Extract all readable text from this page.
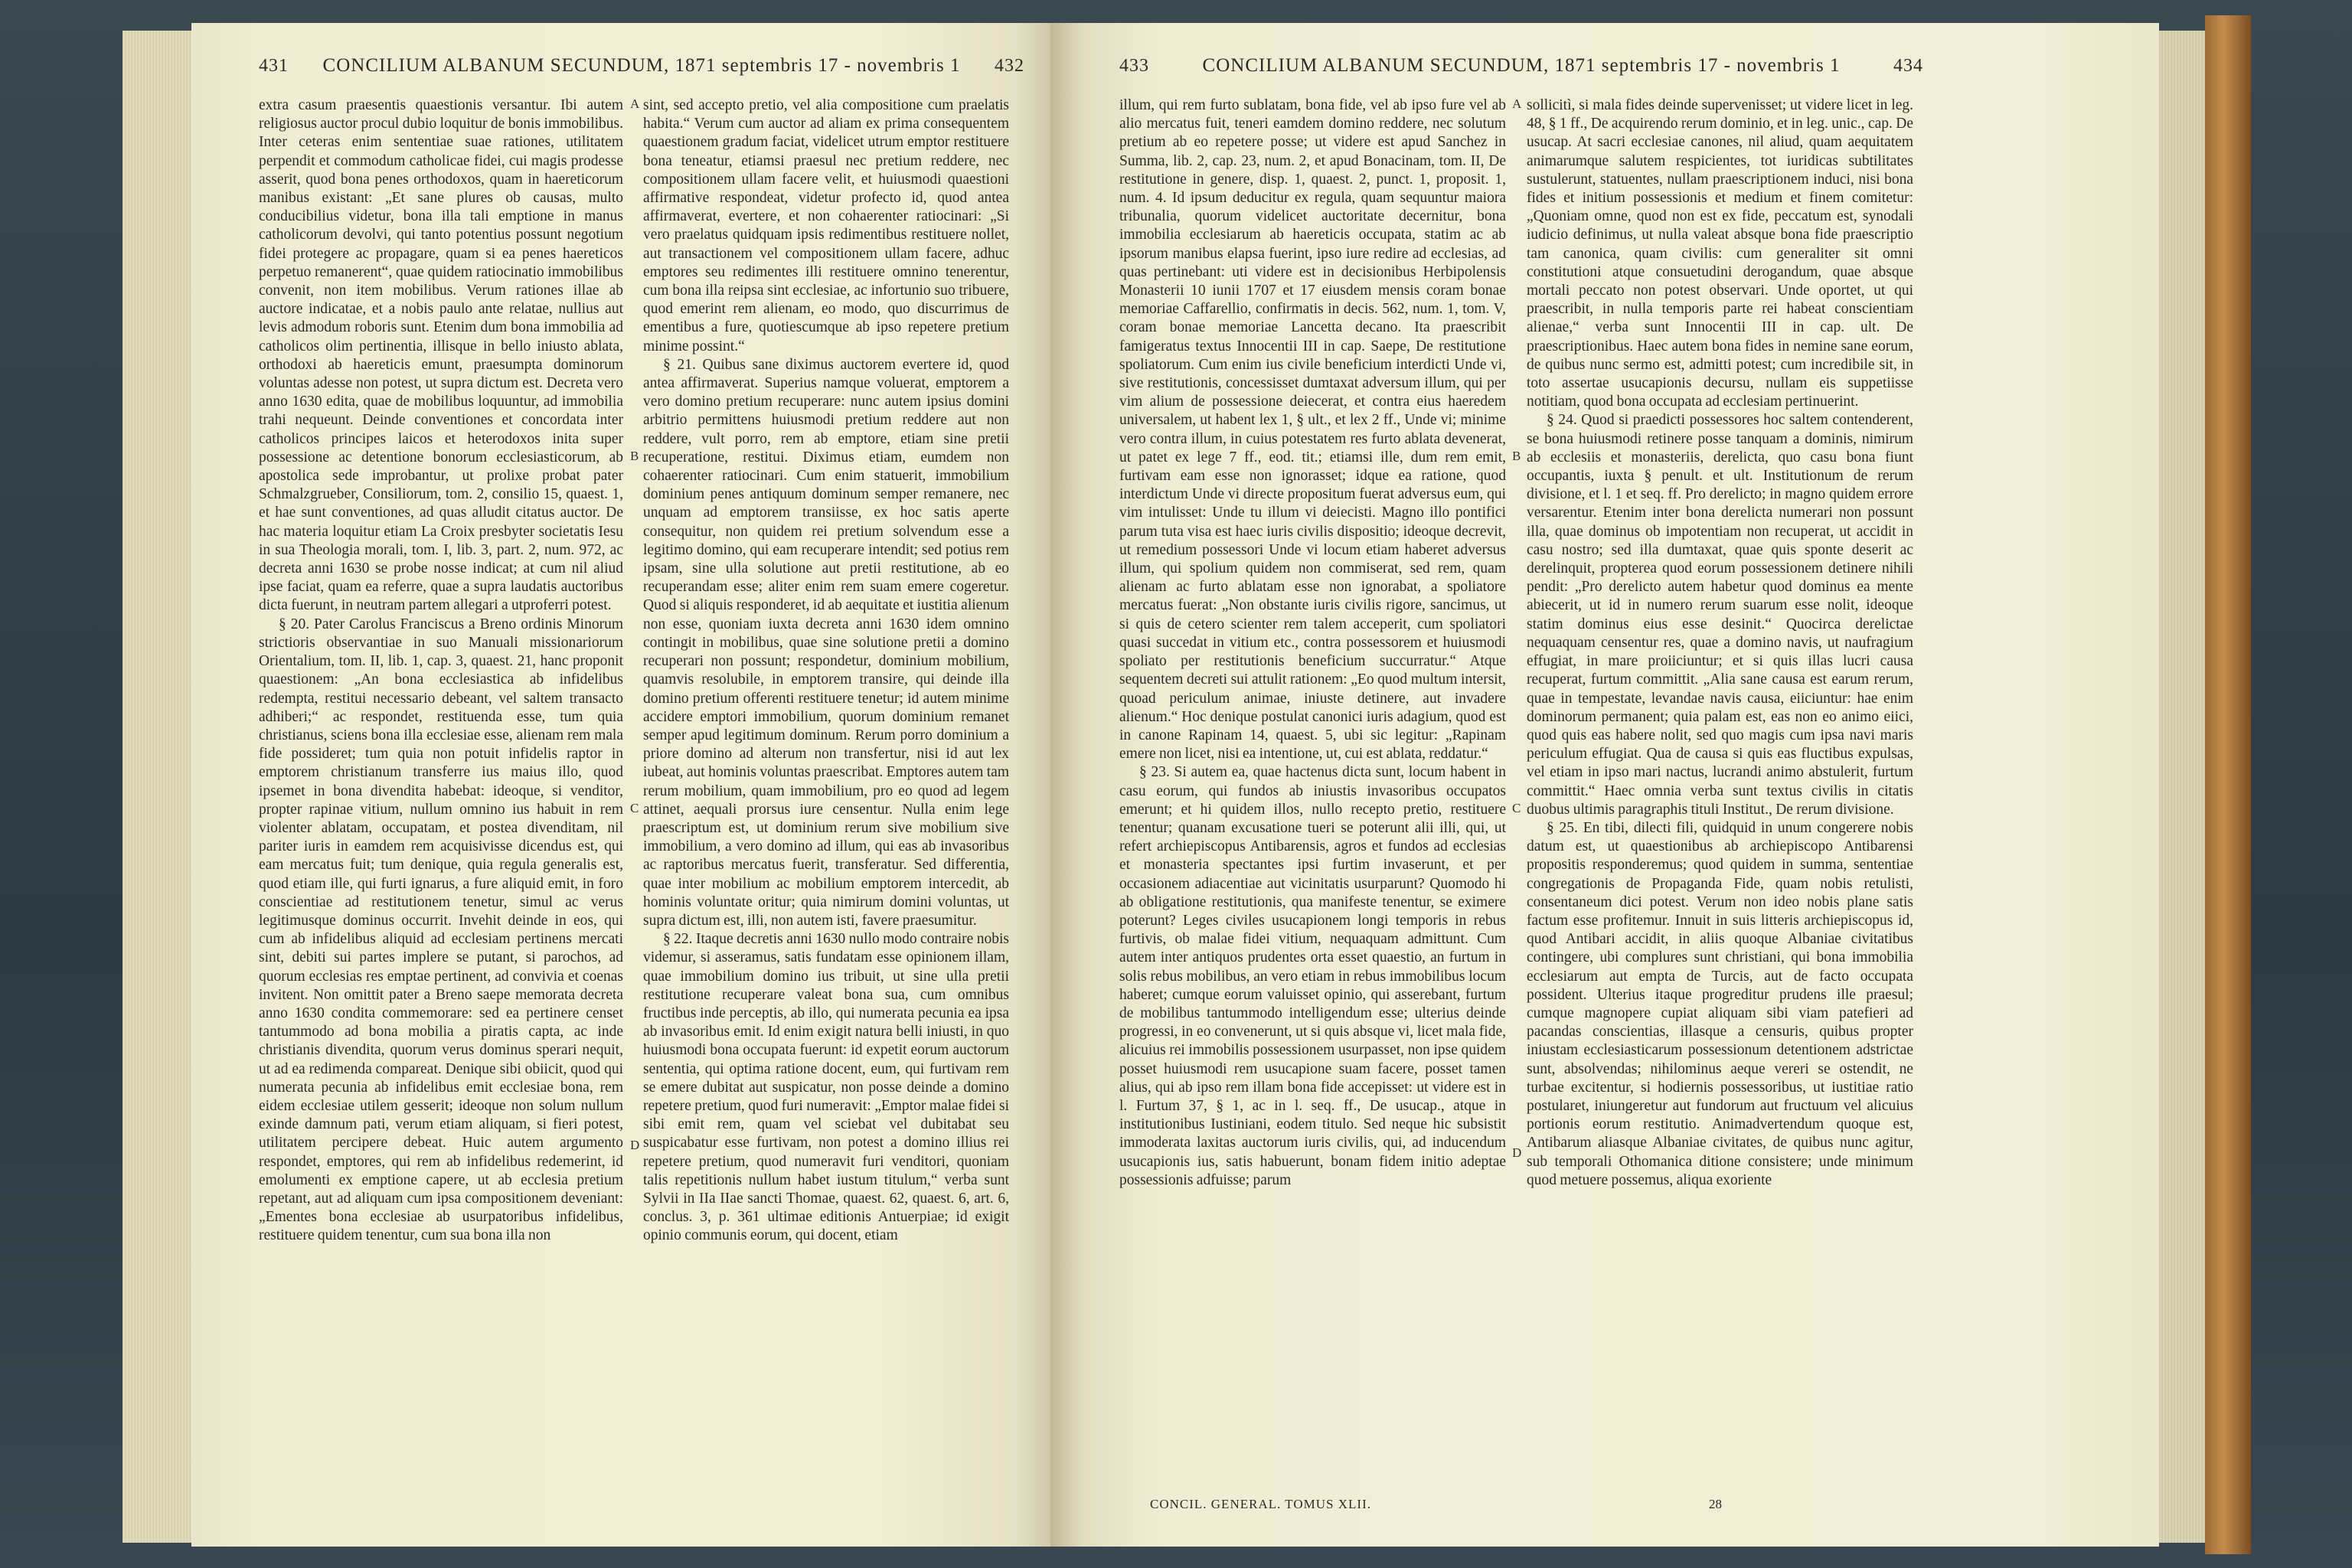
431 CONCILIUM ALBANUM SECUNDUM, 1871 septembris 17 - novembris 1 432

extra casum praesentis quaestionis versantur. Ibi autem religiosus auctor procul dubio loquitur de bonis immobilibus. Inter ceteras enim sententiae suae rationes, utilitatem perpendit et commodum catholicae fidei, cui magis prodesse asserit, quod bona penes orthodoxos, quam in haereticorum manibus existant: „Et sane plures ob causas, multo conducibilius videtur, bona illa tali emptione in manus catholicorum devolvi, qui tanto potentius possunt negotium fidei protegere ac propagare, quam si ea penes haereticos perpetuo remanerent“, quae quidem ratiocinatio immobilibus convenit, non item mobilibus. Verum rationes illae ab auctore indicatae, et a nobis paulo ante relatae, nullius aut levis admodum roboris sunt. Etenim dum bona immobilia ad catholicos olim pertinentia, illisque in bello iniusto ablata, orthodoxi ab haereticis emunt, praesumpta dominorum voluntas adesse non potest, ut supra dictum est. Decreta vero anno 1630 edita, quae de mobilibus loquuntur, ad immobilia trahi nequeunt. Deinde conventiones et concordata inter catholicos principes laicos et heterodoxos inita super possessione ac detentione bonorum ecclesiasticorum, ab apostolica sede improbantur, ut prolixe probat pater Schmalzgrueber, Consiliorum, tom. 2, consilio 15, quaest. 1, et hae sunt conventiones, ad quas alludit citatus auctor. De hac materia loquitur etiam La Croix presbyter societatis Iesu in sua Theologia morali, tom. I, lib. 3, part. 2, num. 972, ac decreta anni 1630 se probe nosse indicat; at cum nil aliud ipse faciat, quam ea referre, quae a supra laudatis auctoribus dicta fuerunt, in neutram partem allegari a utproferri potest.

§ 20. Pater Carolus Franciscus a Breno ordinis Minorum strictioris observantiae in suo Manuali missionariorum Orientalium, tom. II, lib. 1, cap. 3, quaest. 21, hanc proponit quaestionem: „An bona ecclesiastica ab infidelibus redempta, restitui necessario debeant, vel saltem transacto adhiberi;“ ac respondet, restituenda esse, tum quia christianus, sciens bona illa ecclesiae esse, alienam rem mala fide possideret; tum quia non potuit infidelis raptor in emptorem christianum transferre ius maius illo, quod ipsemet in bona divendita habebat: ideoque, si venditor, propter rapinae vitium, nullum omnino ius habuit in rem violenter ablatam, occupatam, et postea divenditam, nil pariter iuris in eamdem rem acquisivisse dicendus est, qui eam mercatus fuit; tum denique, quia regula generalis est, quod etiam ille, qui furti ignarus, a fure aliquid emit, in foro conscientiae ad restitutionem tenetur, simul ac verus legitimusque dominus occurrit. Invehit deinde in eos, qui cum ab infidelibus aliquid ad ecclesiam pertinens mercati sint, debiti sui partes implere se putant, si parochos, ad quorum ecclesias res emptae pertinent, ad convivia et coenas invitent. Non omittit pater a Breno saepe memorata decreta anno 1630 condita commemorare: sed ea pertinere censet tantummodo ad bona mobilia a piratis capta, ac inde christianis divendita, quorum verus dominus sperari nequit, ut ad ea redimenda compareat. Denique sibi obiicit, quod qui numerata pecunia ab infidelibus emit ecclesiae bona, rem eidem ecclesiae utilem gesserit; ideoque non solum nullum exinde damnum pati, verum etiam aliquam, si fieri potest, utilitatem percipere debeat. Huic autem argumento respondet, emptores, qui rem ab infidelibus redemerint, id emolumenti ex emptione capere, ut ab ecclesia pretium repetant, aut ad aliquam cum ipsa compositionem deveniant: „Ementes bona ecclesiae ab usurpatoribus infidelibus, restituere quidem tenentur, cum sua bona illa non

A
B
C
D

sint, sed accepto pretio, vel alia compositione cum praelatis habita.“ Verum cum auctor ad aliam ex prima consequentem quaestionem gradum faciat, videlicet utrum emptor restituere bona teneatur, etiamsi praesul nec pretium reddere, nec compositionem ullam facere velit, et huiusmodi quaestioni affirmative respondeat, videtur profecto id, quod antea affirmaverat, evertere, et non cohaerenter ratiocinari: „Si vero praelatus quidquam ipsis redimentibus restituere nollet, aut transactionem vel compositionem ullam facere, adhuc emptores seu redimentes illi restituere omnino tenerentur, cum bona illa reipsa sint ecclesiae, ac infortunio suo tribuere, quod emerint rem alienam, eo modo, quo discurrimus de ementibus a fure, quotiescumque ab ipso repetere pretium minime possint.“

§ 21. Quibus sane diximus auctorem evertere id, quod antea affirmaverat. Superius namque voluerat, emptorem a vero domino pretium recuperare: nunc autem ipsius domini arbitrio permittens huiusmodi pretium reddere aut non reddere, vult porro, rem ab emptore, etiam sine pretii recuperatione, restitui. Diximus etiam, eumdem non cohaerenter ratiocinari. Cum enim statuerit, immobilium dominium penes antiquum dominum semper remanere, nec unquam ad emptorem transiisse, ex hoc satis aperte consequitur, non quidem rei pretium solvendum esse a legitimo domino, qui eam recuperare intendit; sed potius rem ipsam, sine ulla solutione aut pretii restitutione, ab eo recuperandam esse; aliter enim rem suam emere cogeretur. Quod si aliquis responderet, id ab aequitate et iustitia alienum non esse, quoniam iuxta decreta anni 1630 idem omnino contingit in mobilibus, quae sine solutione pretii a domino recuperari non possunt; respondetur, dominium mobilium, quamvis resolubile, in emptorem transire, qui deinde illa domino pretium offerenti restituere tenetur; id autem minime accidere emptori immobilium, quorum dominium remanet semper apud legitimum dominum. Rerum porro dominium a priore domino ad alterum non transfertur, nisi id aut lex iubeat, aut hominis voluntas praescribat. Emptores autem tam rerum mobilium, quam immobilium, pro eo quod ad legem attinet, aequali prorsus iure censentur. Nulla enim lege praescriptum est, ut dominium rerum sive mobilium sive immobilium, a vero domino ad illum, qui eas ab invasoribus ac raptoribus mercatus fuerit, transferatur. Sed differentia, quae inter mobilium ac mobilium emptorem intercedit, ab hominis voluntate oritur; quia nimirum domini voluntas, ut supra dictum est, illi, non autem isti, favere praesumitur.

§ 22. Itaque decretis anni 1630 nullo modo contraire nobis videmur, si asseramus, satis fundatam esse opinionem illam, quae immobilium domino ius tribuit, ut sine ulla pretii restitutione recuperare valeat bona sua, cum omnibus fructibus inde perceptis, ab illo, qui numerata pecunia ea ipsa ab invasoribus emit. Id enim exigit natura belli iniusti, in quo huiusmodi bona occupata fuerunt: id expetit eorum auctorum sententia, qui optima ratione docent, eum, qui furtivam rem se emere dubitat aut suspicatur, non posse deinde a domino repetere pretium, quod furi numeravit: „Emptor malae fidei si sibi emit rem, quam vel sciebat vel dubitabat seu suspicabatur esse furtivam, non potest a domino illius rei repetere pretium, quod numeravit furi venditori, quoniam talis repetitionis nullum habet iustum titulum,“ verba sunt Sylvii in IIa IIae sancti Thomae, quaest. 62, quaest. 6, art. 6, conclus. 3, p. 361 ultimae editionis Antuerpiae; id exigit opinio communis eorum, qui docent, etiam

433	CONCILIUM ALBANUM SECUNDUM, 1871 septembris 17 - novembris 1	434

illum, qui rem furto sublatam, bona fide, vel ab ipso fure vel ab alio mercatus fuit, teneri eamdem domino reddere, nec solutum pretium ab eo repetere posse; ut videre est apud Sanchez in Summa, lib. 2, cap. 23, num. 2, et apud Bonacinam, tom. II, De restitutione in genere, disp. 1, quaest. 2, punct. 1, proposit. 1, num. 4. Id ipsum deducitur ex regula, quam sequuntur maiora tribunalia, quorum videlicet auctoritate decernitur, bona immobilia ecclesiarum ab haereticis occupata, statim ac ab ipsorum manibus elapsa fuerint, ipso iure redire ad ecclesias, ad quas pertinebant: uti videre est in decisionibus Herbipolensis Monasterii 10 iunii 1707 et 17 eiusdem mensis coram bonae memoriae Caffarellio, confirmatis in decis. 562, num. 1, tom. V, coram bonae memoriae Lancetta decano. Ita praescribit famigeratus textus Innocentii III in cap. Saepe, De restitutione spoliatorum. Cum enim ius civile beneficium interdicti Unde vi, sive restitutionis, concessisset dumtaxat adversum illum, qui per vim alium de possessione deiecerat, et contra eius haeredem universalem, ut habent lex 1, § ult., et lex 2 ff., Unde vi; minime vero contra illum, in cuius potestatem res furto ablata devenerat, ut patet ex lege 7 ff., eod. tit.; etiamsi ille, dum rem emit, furtivam eam esse non ignorasset; idque ea ratione, quod interdictum Unde vi directe propositum fuerat adversus eum, qui vim intulisset: Unde tu illum vi deiecisti. Magno illo pontifici parum tuta visa est haec iuris civilis dispositio; ideoque decrevit, ut remedium possessori Unde vi locum etiam haberet adversus illum, qui spolium quidem non commiserat, sed rem, quam alienam ac furto ablatam esse non ignorabat, a spoliatore mercatus fuerat: „Non obstante iuris civilis rigore, sancimus, ut si quis de cetero scienter rem talem acceperit, cum spoliatori quasi succedat in vitium etc., contra possessorem et huiusmodi spoliato per restitutionis beneficium succurratur.“ Atque sequentem decreti sui attulit rationem: „Eo quod multum intersit, quoad periculum animae, iniuste detinere, aut invadere alienum.“ Hoc denique postulat canonici iuris adagium, quod est in canone Rapinam 14, quaest. 5, ubi sic legitur: „Rapinam emere non licet, nisi ea intentione, ut, cui est ablata, reddatur.“

§ 23. Si autem ea, quae hactenus dicta sunt, locum habent in casu eorum, qui fundos ab iniustis invasoribus occupatos emerunt; et hi quidem illos, nullo recepto pretio, restituere tenentur; quanam excusatione tueri se poterunt alii illi, qui, ut refert archiepiscopus Antibarensis, agros et fundos ad ecclesias et monasteria spectantes ipsi furtim invaserunt, et per occasionem adiacentiae aut vicinitatis usurparunt? Quomodo hi ab obligatione restitutionis, qua manifeste tenentur, se eximere poterunt? Leges civiles usucapionem longi temporis in rebus furtivis, ob malae fidei vitium, nequaquam admittunt. Cum autem inter antiquos prudentes orta esset quaestio, an furtum in solis rebus mobilibus, an vero etiam in rebus immobilibus locum haberet; cumque eorum valuisset opinio, qui asserebant, furtum de mobilibus tantummodo intelligendum esse; ulterius deinde progressi, in eo convenerunt, ut si quis absque vi, licet mala fide, alicuius rei immobilis possessionem usurpasset, non ipse quidem posset huiusmodi rem usucapione suam facere, posset tamen alius, qui ab ipso rem illam bona fide accepisset: ut videre est in l. Furtum 37, § 1, ac in l. seq. ff., De usucap., atque in institutionibus Iustiniani, eodem titulo. Sed neque hic subsistit immoderata laxitas auctorum iuris civilis, qui, ad inducendum usucapionis ius, satis habuerunt, bonam fidem initio adeptae possessionis adfuisse; parum

A
B
C
D

sollicitì, si mala fides deinde supervenisset; ut videre licet in leg. 48, § 1 ff., De acquirendo rerum dominio, et in leg. unic., cap. De usucap. At sacri ecclesiae canones, nil aliud, quam aequitatem animarumque salutem respicientes, tot iuridicas subtilitates sustulerunt, statuentes, nullam praescriptionem induci, nisi bona fides et initium possessionis et medium et finem comitetur: „Quoniam omne, quod non est ex fide, peccatum est, synodali iudicio definimus, ut nulla valeat absque bona fide praescriptio tam canonica, quam civilis: cum generaliter sit omni constitutioni atque consuetudini derogandum, quae absque mortali peccato non potest observari. Unde oportet, ut qui praescribit, in nulla temporis parte rei habeat conscientiam alienae,“ verba sunt Innocentii III in cap. ult. De praescriptionibus. Haec autem bona fides in nemine sane eorum, de quibus nunc sermo est, admitti potest; cum incredibile sit, in toto assertae usucapionis decursu, nullam eis suppetiisse notitiam, quod bona occupata ad ecclesiam pertinuerint.

§ 24. Quod si praedicti possessores hoc saltem contenderent, se bona huiusmodi retinere posse tanquam a dominis, nimirum ab ecclesiis et monasteriis, derelicta, quo casu bona fiunt occupantis, iuxta § penult. et ult. Institutionum de rerum divisione, et l. 1 et seq. ff. Pro derelicto; in magno quidem errore versarentur. Etenim inter bona derelicta numerari non possunt illa, quae dominus ob impotentiam non recuperat, ut accidit in casu nostro; sed illa dumtaxat, quae quis sponte deserit ac derelinquit, propterea quod eorum possessionem detinere nihili pendit: „Pro derelicto autem habetur quod dominus ea mente abiecerit, ut id in numero rerum suarum esse nolit, ideoque statim dominus eius esse desinit.“ Quocirca derelictae nequaquam censentur res, quae a domino navis, ut naufragium effugiat, in mare proiiciuntur; et si quis illas lucri causa recuperat, furtum committit. „Alia sane causa est earum rerum, quae in tempestate, levandae navis causa, eiiciuntur: hae enim dominorum permanent; quia palam est, eas non eo animo eiici, quod quis eas habere nolit, sed quo magis cum ipsa navi maris periculum effugiat. Qua de causa si quis eas fluctibus expulsas, vel etiam in ipso mari nactus, lucrandi animo abstulerit, furtum committit.“ Haec omnia verba sunt textus civilis in citatis duobus ultimis paragraphis tituli Institut., De rerum divisione.

§ 25. En tibi, dilecti fili, quidquid in unum congerere nobis datum est, ut quaestionibus ab archiepiscopo Antibarensi propositis responderemus; quod quidem in summa, sententiae congregationis de Propaganda Fide, quam nobis retulisti, consentaneum dici potest. Verum non ideo nobis plane satis factum esse profitemur. Innuit in suis litteris archiepiscopus id, quod Antibari accidit, in aliis quoque Albaniae civitatibus contingere, ubi complures sunt christiani, qui bona immobilia ecclesiarum aut empta de Turcis, aut de facto occupata possident. Ulterius itaque progreditur prudens ille praesul; cumque magnopere cupiat aliquam sibi viam patefieri ad pacandas conscientias, illasque a censuris, quibus propter iniustam ecclesiasticarum possessionum detentionem adstrictae sunt, absolvendas; nihilominus aeque vereri se ostendit, ne turbae excitentur, si hodiernis possessoribus, ut iustitiae ratio postularet, iniungeretur aut fundorum aut fructuum vel alicuius portionis eorum restitutio. Animadvertendum quoque est, Antibarum aliasque Albaniae civitates, de quibus nunc agitur, sub temporali Othomanica ditione consistere; unde minimum quod metuere possemus, aliqua exoriente

CONCIL. GENERAL. TOMUS XLII.	28
